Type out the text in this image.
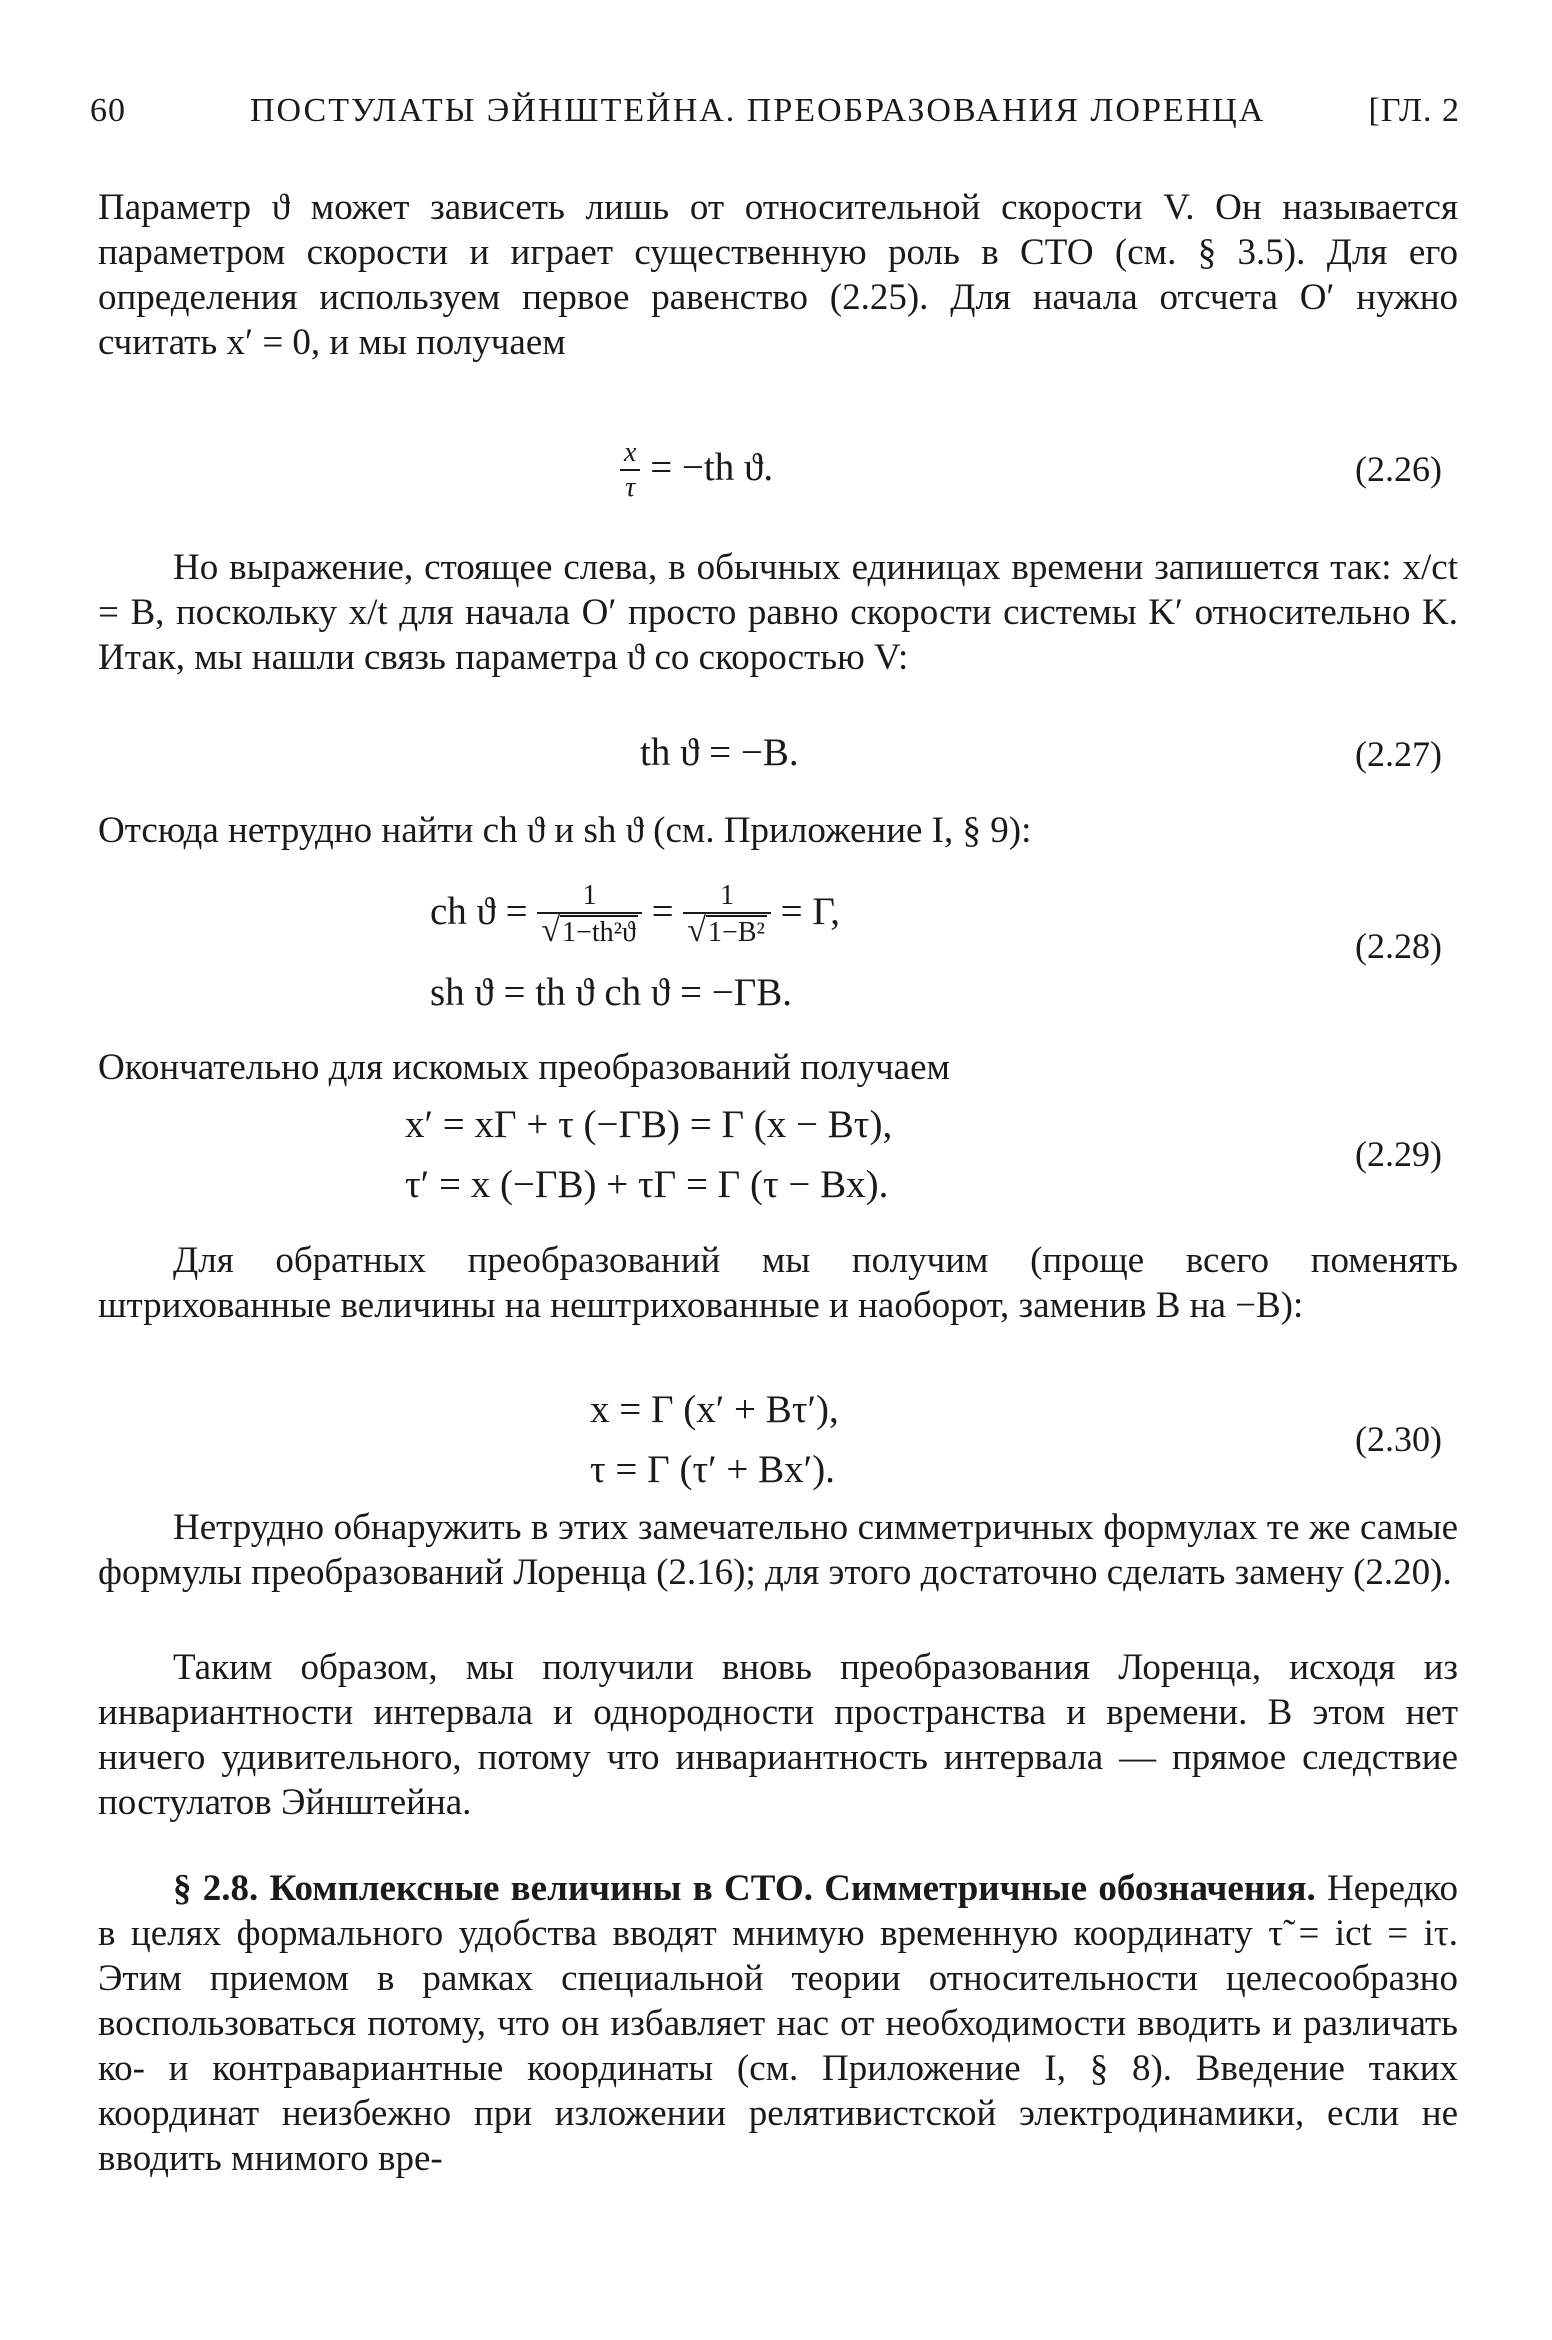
60	ПОСТУЛАТЫ ЭЙНШТЕЙНА. ПРЕОБРАЗОВАНИЯ ЛОРЕНЦА	[ГЛ. 2
Параметр ϑ может зависеть лишь от относительной скорости V. Он называется параметром скорости и играет существенную роль в СТО (см. § 3.5). Для его определения используем первое равенство (2.25). Для начала отсчета O′ нужно считать x′ = 0, и мы получаем
$\frac{x}{\tau} = -th$ ϑ.	(2.26)
Но выражение, стоящее слева, в обычных единицах времени запишется так: x/ct = B, поскольку x/t для начала O′ просто равно скорости системы K′ относительно K. Итак, мы нашли связь параметра ϑ со скоростью V:
th ϑ = −B.	(2.27)
Отсюда нетрудно найти ch ϑ и sh ϑ (см. Приложение I, § 9):
ch $ϑ = \frac{1}{\text{√1−th²ϑ}} = \frac{1}{\text{√1−B²}} = \Gamma$,
sh ϑ = th ϑ ch ϑ = −ΓB.
(2.28)
Окончательно для искомых преобразований получаем
x′ = xΓ + τ (−ΓB) = Γ (x − Bτ),
τ′ = x (−ΓB) + τΓ = Γ (τ − Bx).
(2.29)
Для обратных преобразований мы получим (проще всего поменять штрихованные величины на нештрихованные и наоборот, заменив B на −B):
x = Γ (x′ + Bτ′),
τ = Γ (τ′ + Bx′).
(2.30)
Нетрудно обнаружить в этих замечательно симметричных формулах те же самые формулы преобразований Лоренца (2.16); для этого достаточно сделать замену (2.20).
Таким образом, мы получили вновь преобразования Лоренца, исходя из инвариантности интервала и однородности пространства и времени. В этом нет ничего удивительного, потому что инвариантность интервала — прямое следствие постулатов Эйнштейна.
§ 2.8. Комплексные величины в СТО. Симметричные обозначения. Нередко в целях формального удобства вводят мнимую временную координату τ̃ = ict = iτ. Этим приемом в рамках специальной теории относительности целесообразно воспользоваться потому, что он избавляет нас от необходимости вводить и различать ко- и контравариантные координаты (см. Приложение I, § 8). Введение таких координат неизбежно при изложении релятивистской электродинамики, если не вводить мнимого вре-
